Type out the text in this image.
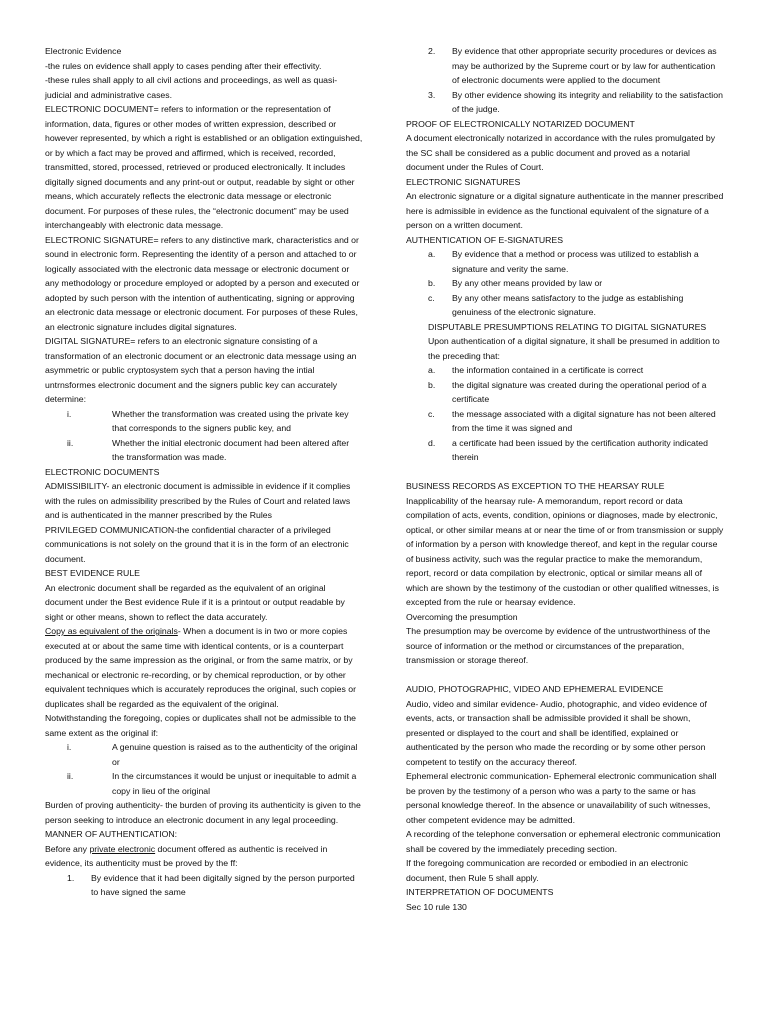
Electronic Evidence

-the rules on evidence shall apply to cases pending after their effectivity.

-these rules shall apply to all civil actions and proceedings, as well as quasi-judicial and administrative cases.

ELECTRONIC DOCUMENT= refers to information or the representation of information, data, figures or other modes of written expression, described or however represented, by which a right is established or an obligation extinguished, or by which a fact may be proved and affirmed, which is received, recorded, transmitted, stored, processed, retrieved or produced electronically. It includes digitally signed documents and any print-out or output, readable by sight or other means, which accurately reflects the electronic data message or electronic document. For purposes of these rules, the “electronic document” may be used interchangeably with electronic data message.

ELECTRONIC SIGNATURE= refers to any distinctive mark, characteristics and or sound in electronic form. Representing the identity of a person and attached to or logically associated with the electronic data message or electronic document or any methodology or procedure employed or adopted by a person and executed or adopted by such person with the intention of authenticating, signing or approving an electronic data message or electronic document. For purposes of these Rules, an electronic signature includes digital signatures.

DIGITAL SIGNATURE= refers to an electronic signature consisting of a transformation of an electronic document or an electronic data message using an asymmetric or public cryptosystem sych that a person having the intial untrnsformes electronic document and the signers public key can accurately determine:

i.	Whether the transformation was created using the private key that corresponds to the signers public key, and
ii.	Whether the initial electronic document had been altered after the transformation was made.

ELECTRONIC DOCUMENTS

ADMISSIBILITY- an electronic document is admissible in evidence if it complies with the rules on admissibility prescribed by the Rules of Court and related laws and is authenticated in the manner prescribed by the Rules

PRIVILEGED COMMUNICATION-the confidential character of a privileged communications is not solely on the ground that it is in the form of an electronic document.

BEST EVIDENCE RULE

An electronic document shall be regarded as the equivalent of an original document under the Best evidence Rule if it is a printout or output readable by sight or other means, shown to reflect the data accurately.

Copy as equivalent of the originals- When a document is in two or more copies executed at or about the same time with identical contents, or is a counterpart produced by the same impression as the original, or from the same matrix, or by mechanical or electronic re-recording, or by chemical reproduction, or by other equivalent techniques which is accurately reproduces the original, such copies or duplicates shall be regarded as the equivalent of the original.

Notwithstanding the foregoing, copies or duplicates shall not be admissible to the same extent as the original if:

i.	A genuine question is raised as to the authenticity of the original or
ii.	In the circumstances it would be unjust or inequitable to admit a copy in lieu of the original

Burden of proving authenticity- the burden of proving its authenticity is given to the person seeking to introduce an electronic document in any legal proceeding.

MANNER OF AUTHENTICATION:

Before any private electronic document offered as authentic is received in evidence, its authenticity must be proved by the ff:

1.	By evidence that it had been digitally signed by the person purported to have signed the same
2.	By evidence that other appropriate security procedures or devices as may be authorized by the Supreme court or by law for authentication of electronic documents were applied to the document
3.	By other evidence showing its integrity and reliability to the satisfaction of the judge.

PROOF OF ELECTRONICALLY NOTARIZED DOCUMENT

A document electronically notarized in accordance with the rules promulgated by the SC shall be considered as a public document and proved as a notarial document under the Rules of Court.

ELECTRONIC SIGNATURES

An electronic signature or a digital signature authenticate in the manner prescribed here is admissible in evidence as the functional equivalent of the signature of a person on a written document.

AUTHENTICATION OF E-SIGNATURES

a.	By evidence that a method or process was utilized to establish a signature and verity the same.
b.	By any other means provided by law or
c.	By any other means satisfactory to the judge as establishing genuiness of the electronic signature.

DISPUTABLE PRESUMPTIONS RELATING TO DIGITAL SIGNATURES

Upon authentication of a digital signature, it shall be presumed in addition to the preceding that:

a.	the information contained in a certificate is correct
b.	the digital signature was created during the operational period of a certificate
c.	the message associated with a digital signature has not been altered from the time it was signed and
d.	a certificate had been issued by the certification authority indicated therein

BUSINESS RECORDS AS EXCEPTION TO THE HEARSAY RULE

Inapplicability of the hearsay rule- A memorandum, report record or data compilation of acts, events, condition, opinions or diagnoses, made by electronic, optical, or other similar means at or near the time of or from transmission or supply of information by a person with knowledge thereof, and kept in the regular course of business activity, such was the regular practice to make the memorandum, report, record or data compilation by electronic, optical or similar means all of which are shown by the testimony of the custodian or other qualified witnesses, is excepted from the rule or hearsay evidence.

Overcoming the presumption

The presumption may be overcome by evidence of the untrustworthiness of the source of information or the method or circumstances of the preparation, transmission or storage thereof.

AUDIO, PHOTOGRAPHIC, VIDEO AND EPHEMERAL EVIDENCE

Audio, video and similar evidence- Audio, photographic, and video evidence of events, acts, or transaction shall be admissible provided it shall be shown, presented or displayed to the court and shall be identified, explained or authenticated by the person who made the recording or by some other person competent to testify on the accuracy thereof.

Ephemeral electronic communication- Ephemeral electronic communication shall be proven by the testimony of a person who was a party to the same or has personal knowledge thereof. In the absence or unavailability of such witnesses, other competent evidence may be admitted.

A recording of the telephone conversation or ephemeral electronic communication shall be covered by the immediately preceding section.

If the foregoing communication are recorded or embodied in an electronic document, then Rule 5 shall apply.

INTERPRETATION OF DOCUMENTS

Sec 10 rule 130
